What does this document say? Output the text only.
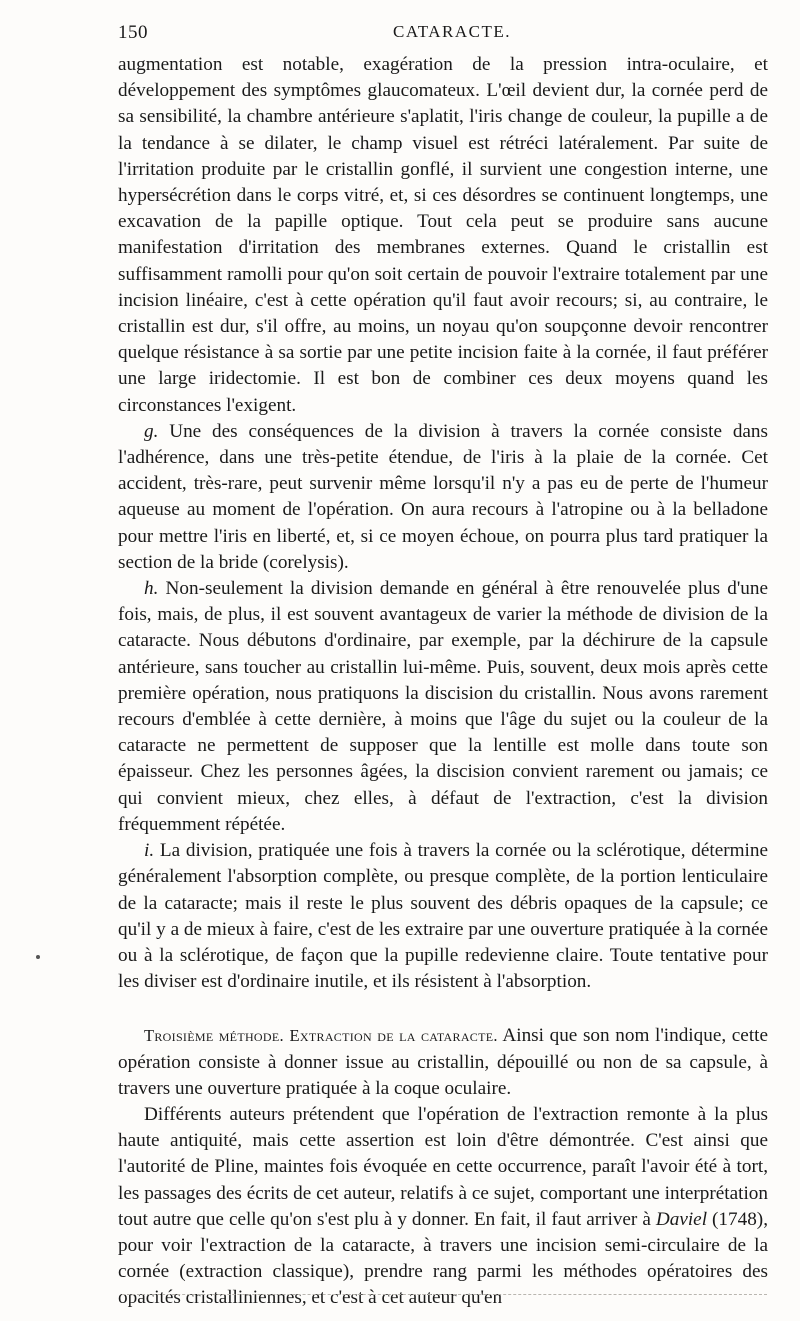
150	CATARACTE.

augmentation est notable, exagération de la pression intra-oculaire, et développement des symptômes glaucomateux. L'œil devient dur, la cornée perd de sa sensibilité, la chambre antérieure s'aplatit, l'iris change de couleur, la pupille a de la tendance à se dilater, le champ visuel est rétréci latéralement. Par suite de l'irritation produite par le cristallin gonflé, il survient une congestion interne, une hypersécrétion dans le corps vitré, et, si ces désordres se continuent longtemps, une excavation de la papille optique. Tout cela peut se produire sans aucune manifestation d'irritation des membranes externes. Quand le cristallin est suffisamment ramolli pour qu'on soit certain de pouvoir l'extraire totalement par une incision linéaire, c'est à cette opération qu'il faut avoir recours; si, au contraire, le cristallin est dur, s'il offre, au moins, un noyau qu'on soupçonne devoir rencontrer quelque résistance à sa sortie par une petite incision faite à la cornée, il faut préférer une large iridectomie. Il est bon de combiner ces deux moyens quand les circonstances l'exigent.

g. Une des conséquences de la division à travers la cornée consiste dans l'adhérence, dans une très-petite étendue, de l'iris à la plaie de la cornée. Cet accident, très-rare, peut survenir même lorsqu'il n'y a pas eu de perte de l'humeur aqueuse au moment de l'opération. On aura recours à l'atropine ou à la belladone pour mettre l'iris en liberté, et, si ce moyen échoue, on pourra plus tard pratiquer la section de la bride (corelysis).

h. Non-seulement la division demande en général à être renouvelée plus d'une fois, mais, de plus, il est souvent avantageux de varier la méthode de division de la cataracte. Nous débutons d'ordinaire, par exemple, par la déchirure de la capsule antérieure, sans toucher au cristallin lui-même. Puis, souvent, deux mois après cette première opération, nous pratiquons la discision du cristallin. Nous avons rarement recours d'emblée à cette dernière, à moins que l'âge du sujet ou la couleur de la cataracte ne permettent de supposer que la lentille est molle dans toute son épaisseur. Chez les personnes âgées, la discision convient rarement ou jamais; ce qui convient mieux, chez elles, à défaut de l'extraction, c'est la division fréquemment répétée.

i. La division, pratiquée une fois à travers la cornée ou la sclérotique, détermine généralement l'absorption complète, ou presque complète, de la portion lenticulaire de la cataracte; mais il reste le plus souvent des débris opaques de la capsule; ce qu'il y a de mieux à faire, c'est de les extraire par une ouverture pratiquée à la cornée ou à la sclérotique, de façon que la pupille redevienne claire. Toute tentative pour les diviser est d'ordinaire inutile, et ils résistent à l'absorption.

Troisième méthode. Extraction de la cataracte. Ainsi que son nom l'indique, cette opération consiste à donner issue au cristallin, dépouillé ou non de sa capsule, à travers une ouverture pratiquée à la coque oculaire.

Différents auteurs prétendent que l'opération de l'extraction remonte à la plus haute antiquité, mais cette assertion est loin d'être démontrée. C'est ainsi que l'autorité de Pline, maintes fois évoquée en cette occurrence, paraît l'avoir été à tort, les passages des écrits de cet auteur, relatifs à ce sujet, comportant une interprétation tout autre que celle qu'on s'est plu à y donner. En fait, il faut arriver à Daviel (1748), pour voir l'extraction de la cataracte, à travers une incision semi-circulaire de la cornée (extraction classique), prendre rang parmi les méthodes opératoires des opacités cristalliniennes, et c'est à cet auteur qu'en
